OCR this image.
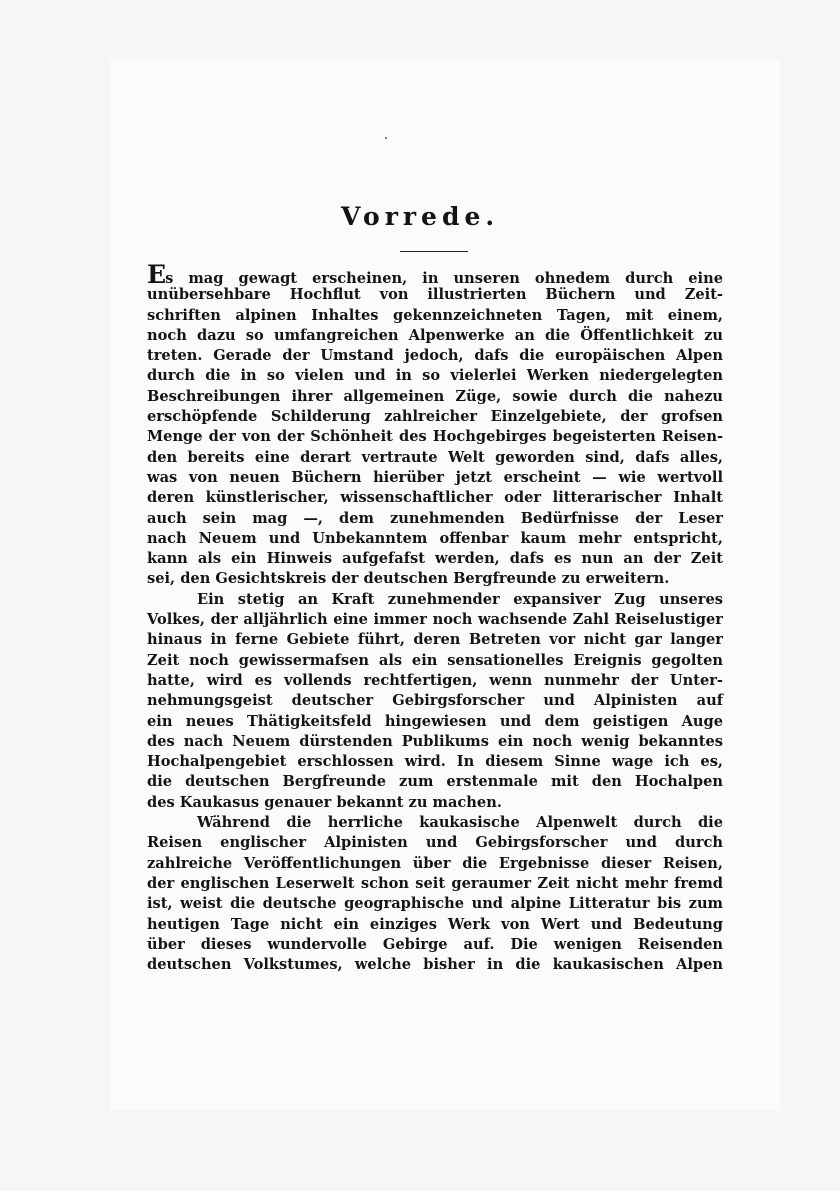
Vorrede.
Es mag gewagt erscheinen, in unseren ohnedem durch eine
unübersehbare Hochflut von illustrierten Büchern und Zeit-
schriften alpinen Inhaltes gekennzeichneten Tagen, mit einem,
noch dazu so umfangreichen Alpenwerke an die Öffentlichkeit zu
treten. Gerade der Umstand jedoch, dafs die europäischen Alpen
durch die in so vielen und in so vielerlei Werken niedergelegten
Beschreibungen ihrer allgemeinen Züge, sowie durch die nahezu
erschöpfende Schilderung zahlreicher Einzelgebiete, der grofsen
Menge der von der Schönheit des Hochgebirges begeisterten Reisen-
den bereits eine derart vertraute Welt geworden sind, dafs alles,
was von neuen Büchern hierüber jetzt erscheint — wie wertvoll
deren künstlerischer, wissenschaftlicher oder litterarischer Inhalt
auch sein mag —, dem zunehmenden Bedürfnisse der Leser
nach Neuem und Unbekanntem offenbar kaum mehr entspricht,
kann als ein Hinweis aufgefafst werden, dafs es nun an der Zeit
sei, den Gesichtskreis der deutschen Bergfreunde zu erweitern.
Ein stetig an Kraft zunehmender expansiver Zug unseres
Volkes, der alljährlich eine immer noch wachsende Zahl Reiselustiger
hinaus in ferne Gebiete führt, deren Betreten vor nicht gar langer
Zeit noch gewissermafsen als ein sensationelles Ereignis gegolten
hatte, wird es vollends rechtfertigen, wenn nunmehr der Unter-
nehmungsgeist deutscher Gebirgsforscher und Alpinisten auf
ein neues Thätigkeitsfeld hingewiesen und dem geistigen Auge
des nach Neuem dürstenden Publikums ein noch wenig bekanntes
Hochalpengebiet erschlossen wird. In diesem Sinne wage ich es,
die deutschen Bergfreunde zum erstenmale mit den Hochalpen
des Kaukasus genauer bekannt zu machen.
Während die herrliche kaukasische Alpenwelt durch die
Reisen englischer Alpinisten und Gebirgsforscher und durch
zahlreiche Veröffentlichungen über die Ergebnisse dieser Reisen,
der englischen Leserwelt schon seit geraumer Zeit nicht mehr fremd
ist, weist die deutsche geographische und alpine Litteratur bis zum
heutigen Tage nicht ein einziges Werk von Wert und Bedeutung
über dieses wundervolle Gebirge auf. Die wenigen Reisenden
deutschen Volkstumes, welche bisher in die kaukasischen Alpen
